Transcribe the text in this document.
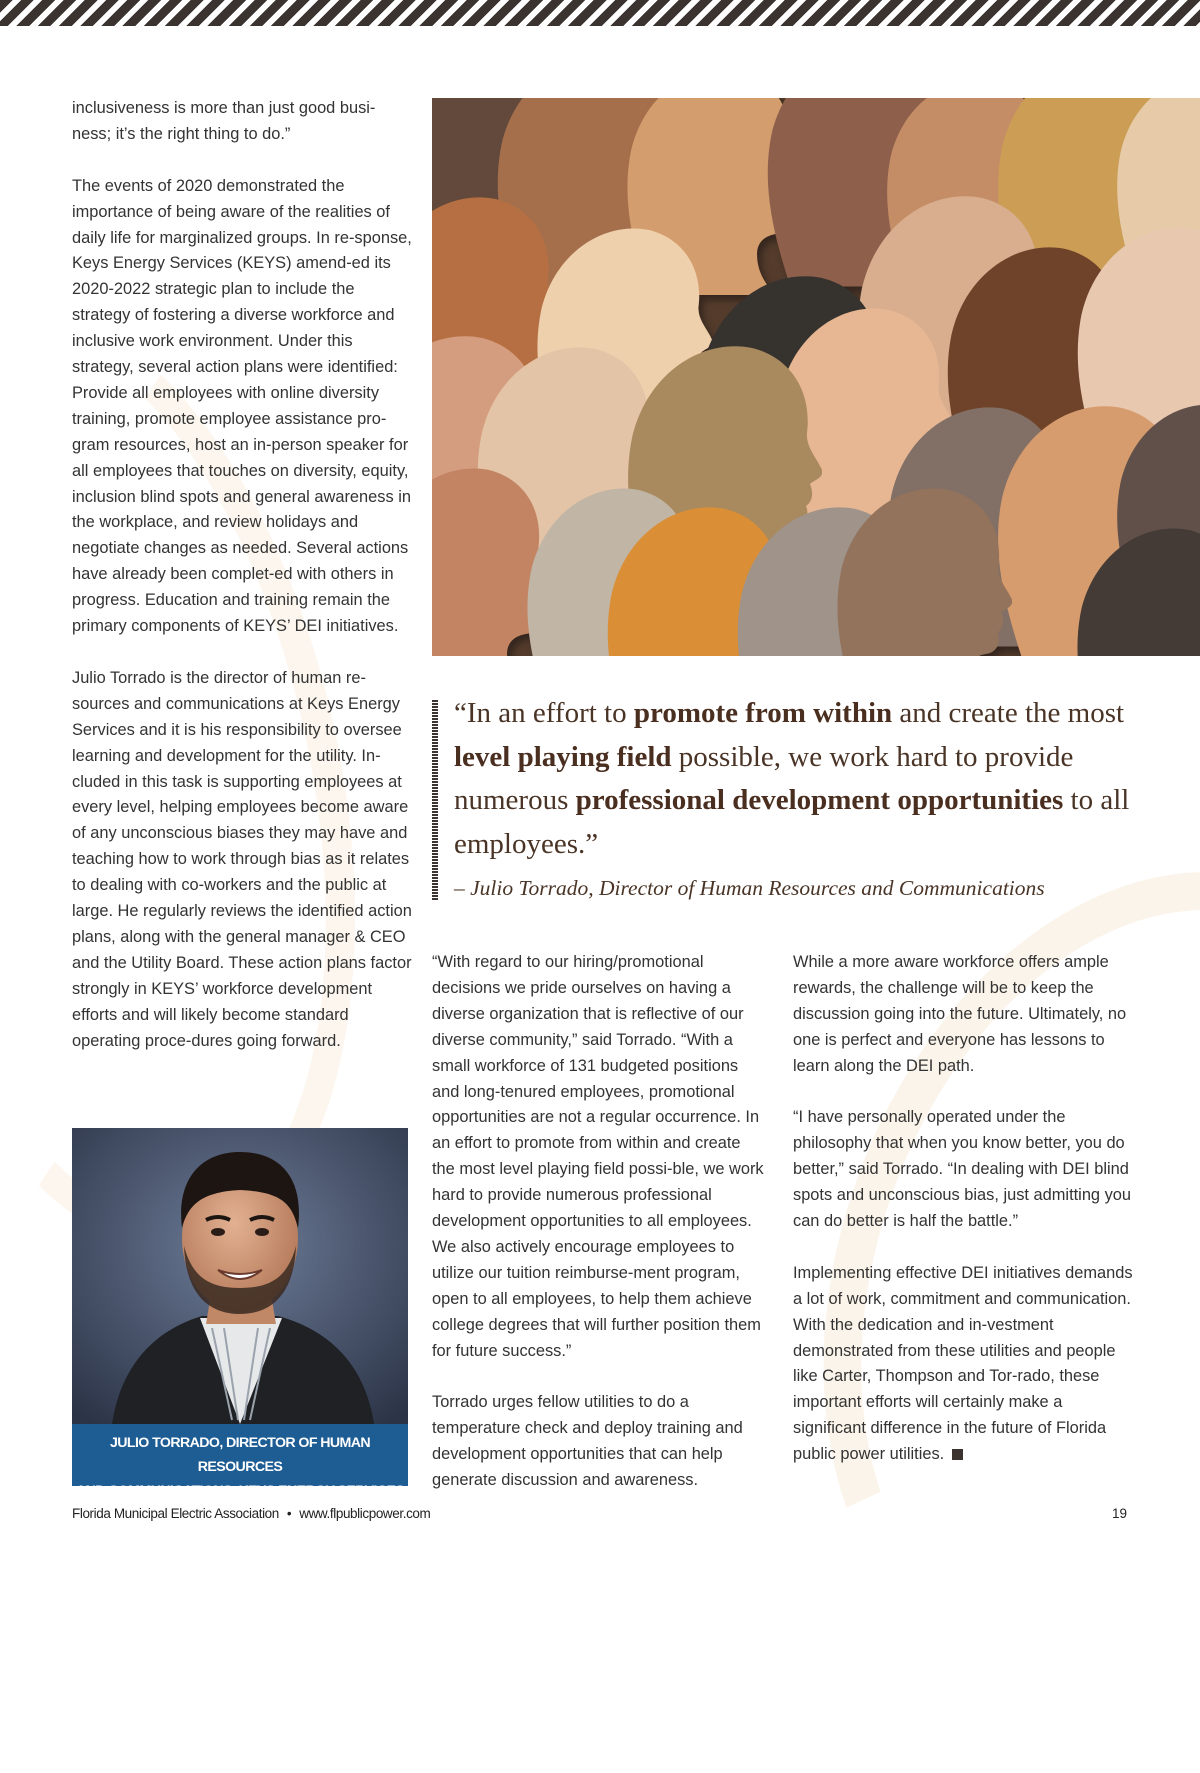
inclusiveness is more than just good busi-ness; it’s the right thing to do.”

The events of 2020 demonstrated the importance of being aware of the realities of daily life for marginalized groups. In re-sponse, Keys Energy Services (KEYS) amend-ed its 2020-2022 strategic plan to include the strategy of fostering a diverse workforce and inclusive work environment. Under this strategy, several action plans were identified: Provide all employees with online diversity training, promote employee assistance pro-gram resources, host an in-person speaker for all employees that touches on diversity, equity, inclusion blind spots and general awareness in the workplace, and review holidays and negotiate changes as needed. Several actions have already been complet-ed with others in progress. Education and training remain the primary components of KEYS’ DEI initiatives.

Julio Torrado is the director of human re-sources and communications at Keys Energy Services and it is his responsibility to oversee learning and development for the utility. In-cluded in this task is supporting employees at every level, helping employees become aware of any unconscious biases they may have and teaching how to work through bias as it relates to dealing with co-workers and the public at large. He regularly reviews the identified action plans, along with the general manager & CEO and the Utility Board. These action plans factor strongly in KEYS’ workforce development efforts and will likely become standard operating proce-dures going forward.

“In an effort to promote from within and create the most level playing field possible, we work hard to provide numerous professional development opportunities to all employees.”
– Julio Torrado, Director of Human Resources and Communications

“With regard to our hiring/promotional decisions we pride ourselves on having a diverse organization that is reflective of our diverse community,” said Torrado. “With a small workforce of 131 budgeted positions and long-tenured employees, promotional opportunities are not a regular occurrence. In an effort to promote from within and create the most level playing field possi-ble, we work hard to provide numerous professional development opportunities to all employees. We also actively encourage employees to utilize our tuition reimburse-ment program, open to all employees, to help them achieve college degrees that will further position them for future success.”

Torrado urges fellow utilities to do a temperature check and deploy training and development opportunities that can help generate discussion and awareness.

While a more aware workforce offers ample rewards, the challenge will be to keep the discussion going into the future. Ultimately, no one is perfect and everyone has lessons to learn along the DEI path.

“I have personally operated under the philosophy that when you know better, you do better,” said Torrado. “In dealing with DEI blind spots and unconscious bias, just admitting you can do better is half the battle.”

Implementing effective DEI initiatives demands a lot of work, commitment and communication. With the dedication and in-vestment demonstrated from these utilities and people like Carter, Thompson and Tor-rado, these important efforts will certainly make a significant difference in the future of Florida public power utilities.

JULIO TORRADO, DIRECTOR OF HUMAN RESOURCES
AND COMMUNICATIONS, KEYS ENERGY SERVICES
Florida Municipal Electric Association • www.flpublicpower.com	19
